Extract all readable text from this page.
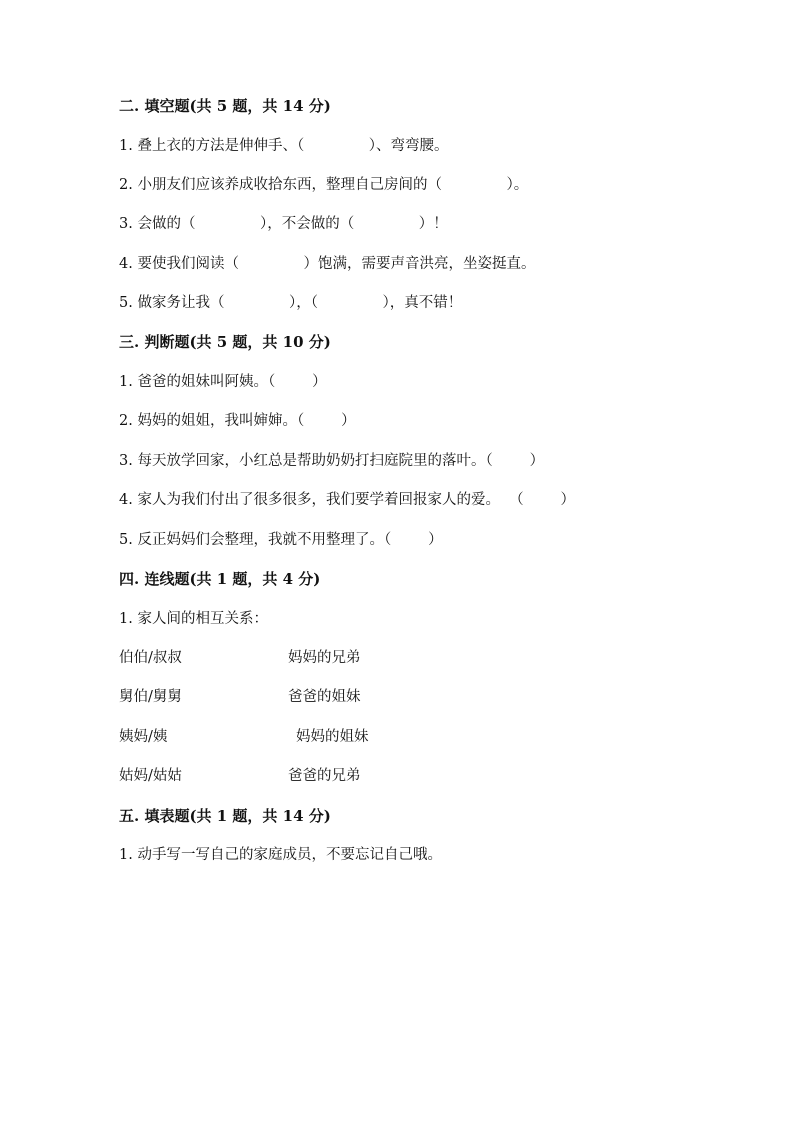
二. 填空题(共 5 题，共 14 分)
1. 叠上衣的方法是伸伸手、（              ）、弯弯腰。
2. 小朋友们应该养成收拾东西，整理自己房间的（              ）。
3. 会做的（              ），不会做的（              ）！
4. 要使我们阅读（              ）饱满，需要声音洪亮，坐姿挺直。
5. 做家务让我（              ），（              ），真不错！
三. 判断题(共 5 题，共 10 分)
1. 爸爸的姐妹叫阿姨。（        ）
2. 妈妈的姐姐，我叫婶婶。（        ）
3. 每天放学回家，小红总是帮助奶奶打扫庭院里的落叶。（        ）
4. 家人为我们付出了很多很多，我们要学着回报家人的爱。  （        ）
5. 反正妈妈们会整理，我就不用整理了。（        ）
四. 连线题(共 1 题，共 4 分)
1. 家人间的相互关系：
伯伯/叔叔	妈妈的兄弟
舅伯/舅舅	爸爸的姐妹
姨妈/姨	妈妈的姐妹
姑妈/姑姑	爸爸的兄弟
五. 填表题(共 1 题，共 14 分)
1. 动手写一写自己的家庭成员，不要忘记自己哦。
